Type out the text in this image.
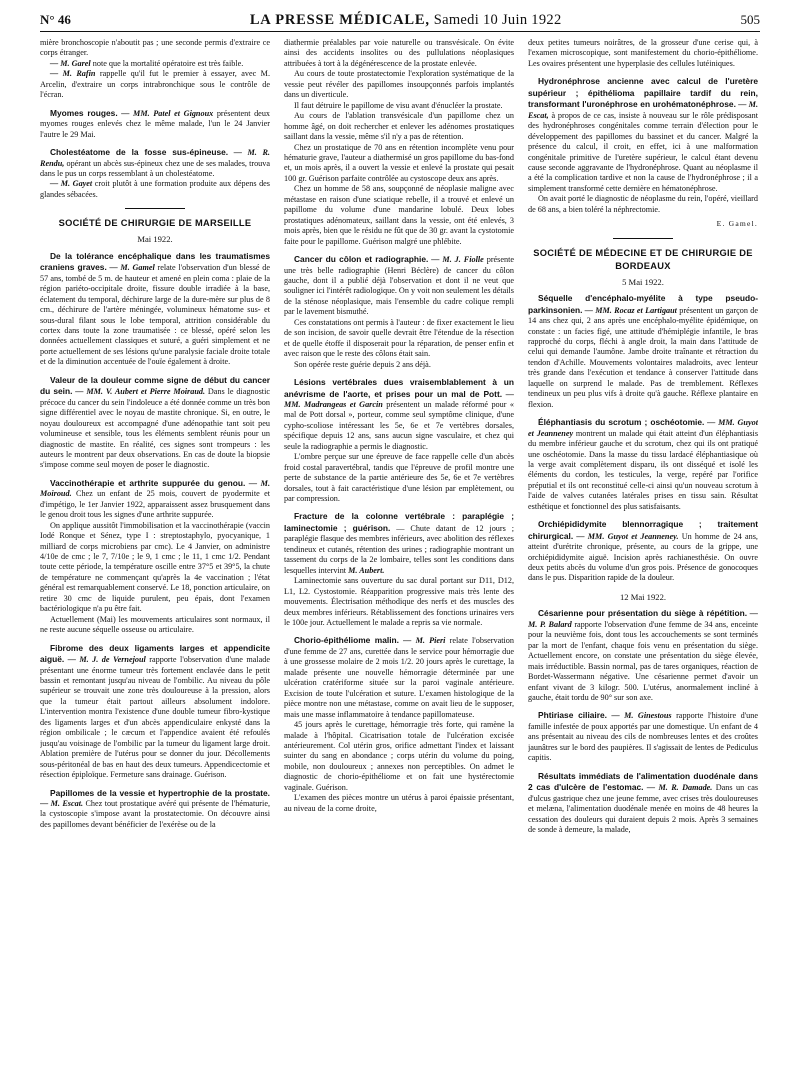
N° 46	LA PRESSE MÉDICALE, Samedi 10 Juin 1922	505

mière bronchoscopie n'aboutit pas ; une seconde permis d'extraire ce corps étranger.

— M. Garel note que la mortalité opératoire est très faible.

— M. Rafin rappelle qu'il fut le premier à essayer, avec M. Arcelin, d'extraire un corps intrabronchique sous le contrôle de l'écran.

Myomes rouges. — MM. Patel et Gignoux présentent deux myomes rouges enlevés chez le même malade, l'un le 24 Janvier l'autre le 29 Mai.

Cholestéatome de la fosse sus-épineuse. — M. R. Rendu, opérant un abcès sus-épineux chez une de ses malades, trouva dans le pus un corps ressemblant à un cholestéatome.

— M. Gayet croit plutôt à une formation produite aux dépens des glandes sébacées.

SOCIÉTÉ DE CHIRURGIE DE MARSEILLE
Mai 1922.

De la tolérance encéphalique dans les traumatismes craniens graves. — M. Gamel relate l'observation d'un blessé de 57 ans, tombé de 5 m. de hauteur et amené en plein coma : plaie de la région pariéto-occipitale droite, fissure double irradiée à la base, éclatement du temporal, déchirure large de la dure-mère sur plus de 8 cm., déchirure de l'artère méningée, volumineux hématome sus- et sous-dural filant sous le lobe temporal, attrition considérable du cortex dans toute la zone traumatisée : ce blessé, opéré selon les données actuellement classiques et suturé, a guéri simplement et ne porte actuellement de ses lésions qu'une paralysie faciale droite totale et de la diminution accentuée de l'ouïe également à droite.

Valeur de la douleur comme signe de début du cancer du sein. — MM. V. Aubert et Pierre Moiraud. Dans le diagnostic précoce du cancer du sein l'indoleuce a été donnée comme un très bon signe différentiel avec le noyau de mastite chronique. Si, en outre, le noyau douloureux est accompagné d'une adénopathie tant soit peu volumineuse et sensible, tous les éléments semblent réunis pour un diagnostic de mastite. En réalité, ces signes sont trompeurs : les auteurs le montrent par deux observations. En cas de doute la biopsie s'impose comme seul moyen de poser le diagnostic.

Vaccinothérapie et arthrite suppurée du genou. — M. Moiroud. Chez un enfant de 25 mois, couvert de pyodermite et d'impétigo, le 1er Janvier 1922, apparaissent assez brusquement dans le genou droit tous les signes d'une arthrite suppurée.

On applique aussitôt l'immobilisation et la vaccinothérapie (vaccin Iodé Ronque et Sénez, type I : streptostaphylo, pyocyanique, 1 milliard de corps microbiens par cmc). Le 4 Janvier, on administre 4/10e de cmc ; le 7, 7/10e ; le 9, 1 cmc ; le 11, 1 cmc 1/2. Pendant toute cette période, la température oscille entre 37°5 et 39°5, la chute de température ne commençant qu'après la 4e vaccination ; l'état général est remarquablement conservé. Le 18, ponction articulaire, on retire 30 cmc de liquide purulent, peu épais, dont l'examen bactériologique n'a pu être fait.

Actuellement (Mai) les mouvements articulaires sont normaux, il ne reste aucune séquelle osseuse ou articulaire.

Fibrome des deux ligaments larges et appendicite aiguë. — M. J. de Vernejoul rapporte l'observation d'une malade présentant une énorme tumeur très fortement enclavée dans le petit bassin et remontant jusqu'au niveau de l'ombilic. Au niveau du pôle supérieur se trouvait une zone très douloureuse à la pression, alors que la tumeur était partout ailleurs absolument indolore. L'intervention montra l'existence d'une double tumeur fibro-kystique des ligaments larges et d'un abcès appendiculaire enkysté dans la région ombilicale ; le cæcum et l'appendice avaient été refoulés jusqu'au voisinage de l'ombilic par la tumeur du ligament large droit. Ablation première de l'utérus pour se donner du jour. Décollements sous-péritonéal de bas en haut des deux tumeurs. Appendicectomie et résection épiploïque. Fermeture sans drainage. Guérison.

Papillomes de la vessie et hypertrophie de la prostate. — M. Escat. Chez tout prostatique avéré qui présente de l'hématurie, la cystoscopie s'impose avant la prostatectomie. On découvre ainsi des papillomes devant bénéficier de l'exérèse ou de la

diathermie préalables par voie naturelle ou transvésicale. On évite ainsi des accidents insolites ou des pullulations néoplasiques attribuées à tort à la dégénérescence de la prostate enlevée.

Au cours de toute prostatectomie l'exploration systématique de la vessie peut révéler des papillomes insoupçonnés parfois implantés dans un diverticule.

Il faut détruire le papillome de visu avant d'énucléer la prostate.

Au cours de l'ablation transvésicale d'un papillome chez un homme âgé, on doit rechercher et enlever les adénomes prostatiques saillant dans la vessie, même s'il n'y a pas de rétention.

Chez un prostatique de 70 ans en rétention incomplète venu pour hématurie grave, l'auteur a diathermisé un gros papillome du bas-fond et, un mois après, il a ouvert la vessie et enlevé la prostate qui pesait 100 gr. Guérison parfaite contrôlée au cystoscope deux ans après.

Chez un homme de 58 ans, soupçonné de néoplasie maligne avec métastase en raison d'une sciatique rebelle, il a trouvé et enlevé un papillome du volume d'une mandarine lobulé. Deux lobes prostatiques adénomateux, saillant dans la vessie, ont été enlevés, 3 mois après, bien que le résidu ne fût que de 30 gr. avant la cystotomie faite pour le papillome. Guérison malgré une phlébite.

Cancer du côlon et radiographie. — M. J. Fiolle présente une très belle radiographie (Henri Béclère) de cancer du côlon gauche, dont il a publié déjà l'observation et dont il ne veut que souligner ici l'intérêt radiologique. On y voit non seulement les détails de la sténose néoplasique, mais l'ensemble du cadre colique rempli par le lavement bismuthé.

Ces constatations ont permis à l'auteur : de fixer exactement le lieu de son incision, de savoir quelle devrait être l'étendue de la résection et de quelle étoffe il disposerait pour la réparation, de penser enfin et avec raison que le reste des côlons était sain.

Son opérée reste guérie depuis 2 ans déjà.

Lésions vertébrales dues vraisemblablement à un anévrisme de l'aorte, et prises pour un mal de Pott. — MM. Madrangeas et Garcin présentent un malade réformé pour « mal de Pott dorsal », porteur, comme seul symptôme clinique, d'une cypho-scoliose intéressant les 5e, 6e et 7e vertèbres dorsales, spécifique depuis 12 ans, sans aucun signe vasculaire, et chez qui seule la radiographie a permis le diagnostic.

L'ombre perçue sur une épreuve de face rappelle celle d'un abcès froid costal paravertébral, tandis que l'épreuve de profil montre une perte de substance de la partie antérieure des 5e, 6e et 7e vertèbres dorsales, tout à fait caractéristique d'une lésion par emplètement, ou par compression.

Fracture de la colonne vertébrale : paraplégie ; laminectomie ; guérison. — Chute datant de 12 jours ; paraplégie flasque des membres inférieurs, avec abolition des réflexes tendineux et cutanés, rétention des urines ; radiographie montrant un tassement du corps de la 2e lombaire, telles sont les conditions dans lesquelles intervint M. Aubert.

Laminectomie sans ouverture du sac dural portant sur D11, D12, L1, L2. Cystostomie. Réapparition progressive mais très lente des mouvements. Électrisation méthodique des nerfs et des muscles des deux membres inférieurs. Rétablissement des fonctions urinaires vers le 100e jour. Actuellement le malade a repris sa vie normale.

Chorio-épithéliome malin. — M. Pieri relate l'observation d'une femme de 27 ans, curettée dans le service pour hémorragie due à une grossesse molaire de 2 mois 1/2. 20 jours après le curettage, la malade présente une nouvelle hémorragie déterminée par une ulcération cratériforme située sur la paroi vaginale antérieure. Excision de toute l'ulcération et suture. L'examen histologique de la pièce montre non une métastase, comme on avait lieu de le supposer, mais une masse inflammatoire à tendance papillomateuse.

45 jours après le curettage, hémorragie très forte, qui ramène la malade à l'hôpital. Cicatrisation totale de l'ulcération excisée antérieurement. Col utérin gros, orifice admettant l'index et laissant suinter du sang en abondance ; corps utérin du volume du poing, mobile, non douloureux ; annexes non perceptibles. On admet le diagnostic de chorio-épithéliome et on fait une hystérectomie vaginale. Guérison.

L'examen des pièces montre un utérus à paroi épaissie présentant, au niveau de la corne droite,

deux petites tumeurs noirâtres, de la grosseur d'une cerise qui, à l'examen microscopique, sont manifestement du chorio-épithéliome. Les ovaires présentent une hyperplasie des cellules lutéiniques.

Hydronéphrose ancienne avec calcul de l'uretère supérieur ; épithélioma papillaire tardif du rein, transformant l'uronéphrose en urohématonéphrose. — M. Escat, à propos de ce cas, insiste à nouveau sur le rôle prédisposant des hydronéphroses congénitales comme terrain d'élection pour le développement des papillomes du bassinet et du cancer. Malgré la présence du calcul, il croit, en effet, ici à une malformation congénitale primitive de l'uretère supérieur, le calcul étant devenu cause seconde aggravante de l'hydronéphrose. Quant au néoplasme il a été la complication tardive et non la cause de l'hydronéphrose ; il a simplement transformé cette dernière en hématonéphrose.

On avait porté le diagnostic de néoplasme du rein, l'opéré, vieillard de 68 ans, a bien toléré la néphrectomie.

E. Gamel.
SOCIÉTÉ DE MÉDECINE ET DE CHIRURGIE DE BORDEAUX
5 Mai 1922.

Séquelle d'encéphalo-myélite à type pseudo-parkinsonien. — MM. Rocaz et Lartigaut présentent un garçon de 14 ans chez qui, 2 ans après une encéphalo-myélite épidémique, on constate : un facies figé, une attitude d'hémiplégie infantile, le bras rapproché du corps, fléchi à angle droit, la main dans l'attitude de celui qui demande l'aumône. Jambe droite traînante et rétraction du tendon d'Achille. Mouvements volontaires maladroits, avec lenteur très grande dans l'exécution et tendance à conserver l'attitude dans laquelle on surprend le malade. Pas de tremblement. Réflexes tendineux un peu plus vifs à droite qu'à gauche. Réflexe plantaire en flexion.

Éléphantiasis du scrotum ; oschéotomie. — MM. Guyot et Jeanneney montrent un malade qui était atteint d'un éléphantiasis du membre inférieur gauche et du scrotum, chez qui ils ont pratiqué une oschéotomie. Dans la masse du tissu lardacé éléphantiasique où la verge avait complètement disparu, ils ont disséqué et isolé les éléments du cordon, les testicules, la verge, repéré par l'orifice préputial et ils ont reconstitué celle-ci ainsi qu'un nouveau scrotum à l'aide de valves cutanées latérales prises en tissu sain. Résultat esthétique et fonctionnel des plus satisfaisants.

Orchiépididymite blennorragique ; traitement chirurgical. — MM. Guyot et Jeanneney. Un homme de 24 ans, atteint d'urétrite chronique, présente, au cours de la grippe, une orchiépididymite aiguë. Incision après rachianesthésie. On ouvre deux petits abcès du volume d'un gros pois. Présence de gonocoques dans le pus. Disparition rapide de la douleur.

12 Mai 1922.

Césarienne pour présentation du siège à répétition. — M. P. Balard rapporte l'observation d'une femme de 34 ans, enceinte pour la neuvième fois, dont tous les accouchements se sont terminés par la mort de l'enfant, chaque fois venu en présentation du siège. Actuellement encore, on constate une présentation du siège élevée, mais irréductible. Bassin normal, pas de tares organiques, réaction de Bordet-Wassermann négative. Une césarienne permet d'avoir un enfant vivant de 3 kilogr. 500. L'utérus, anormalement incliné à gauche, était tordu de 90° sur son axe.

Phtiriase ciliaire. — M. Ginestous rapporte l'histoire d'une famille infestée de poux apportés par une domestique. Un enfant de 4 ans présentait au niveau des cils de nombreuses lentes et des croûtes jaunâtres sur le bord des paupières. Il s'agissait de lentes de Pediculus capitis.

Résultats immédiats de l'alimentation duodénale dans 2 cas d'ulcère de l'estomac. — M. R. Damade. Dans un cas d'ulcus gastrique chez une jeune femme, avec crises très douloureuses et melæna, l'alimentation duodénale menée en moins de 48 heures la cessation des douleurs qui duraient depuis 2 mois. Après 3 semaines de sonde à demeure, la malade,
